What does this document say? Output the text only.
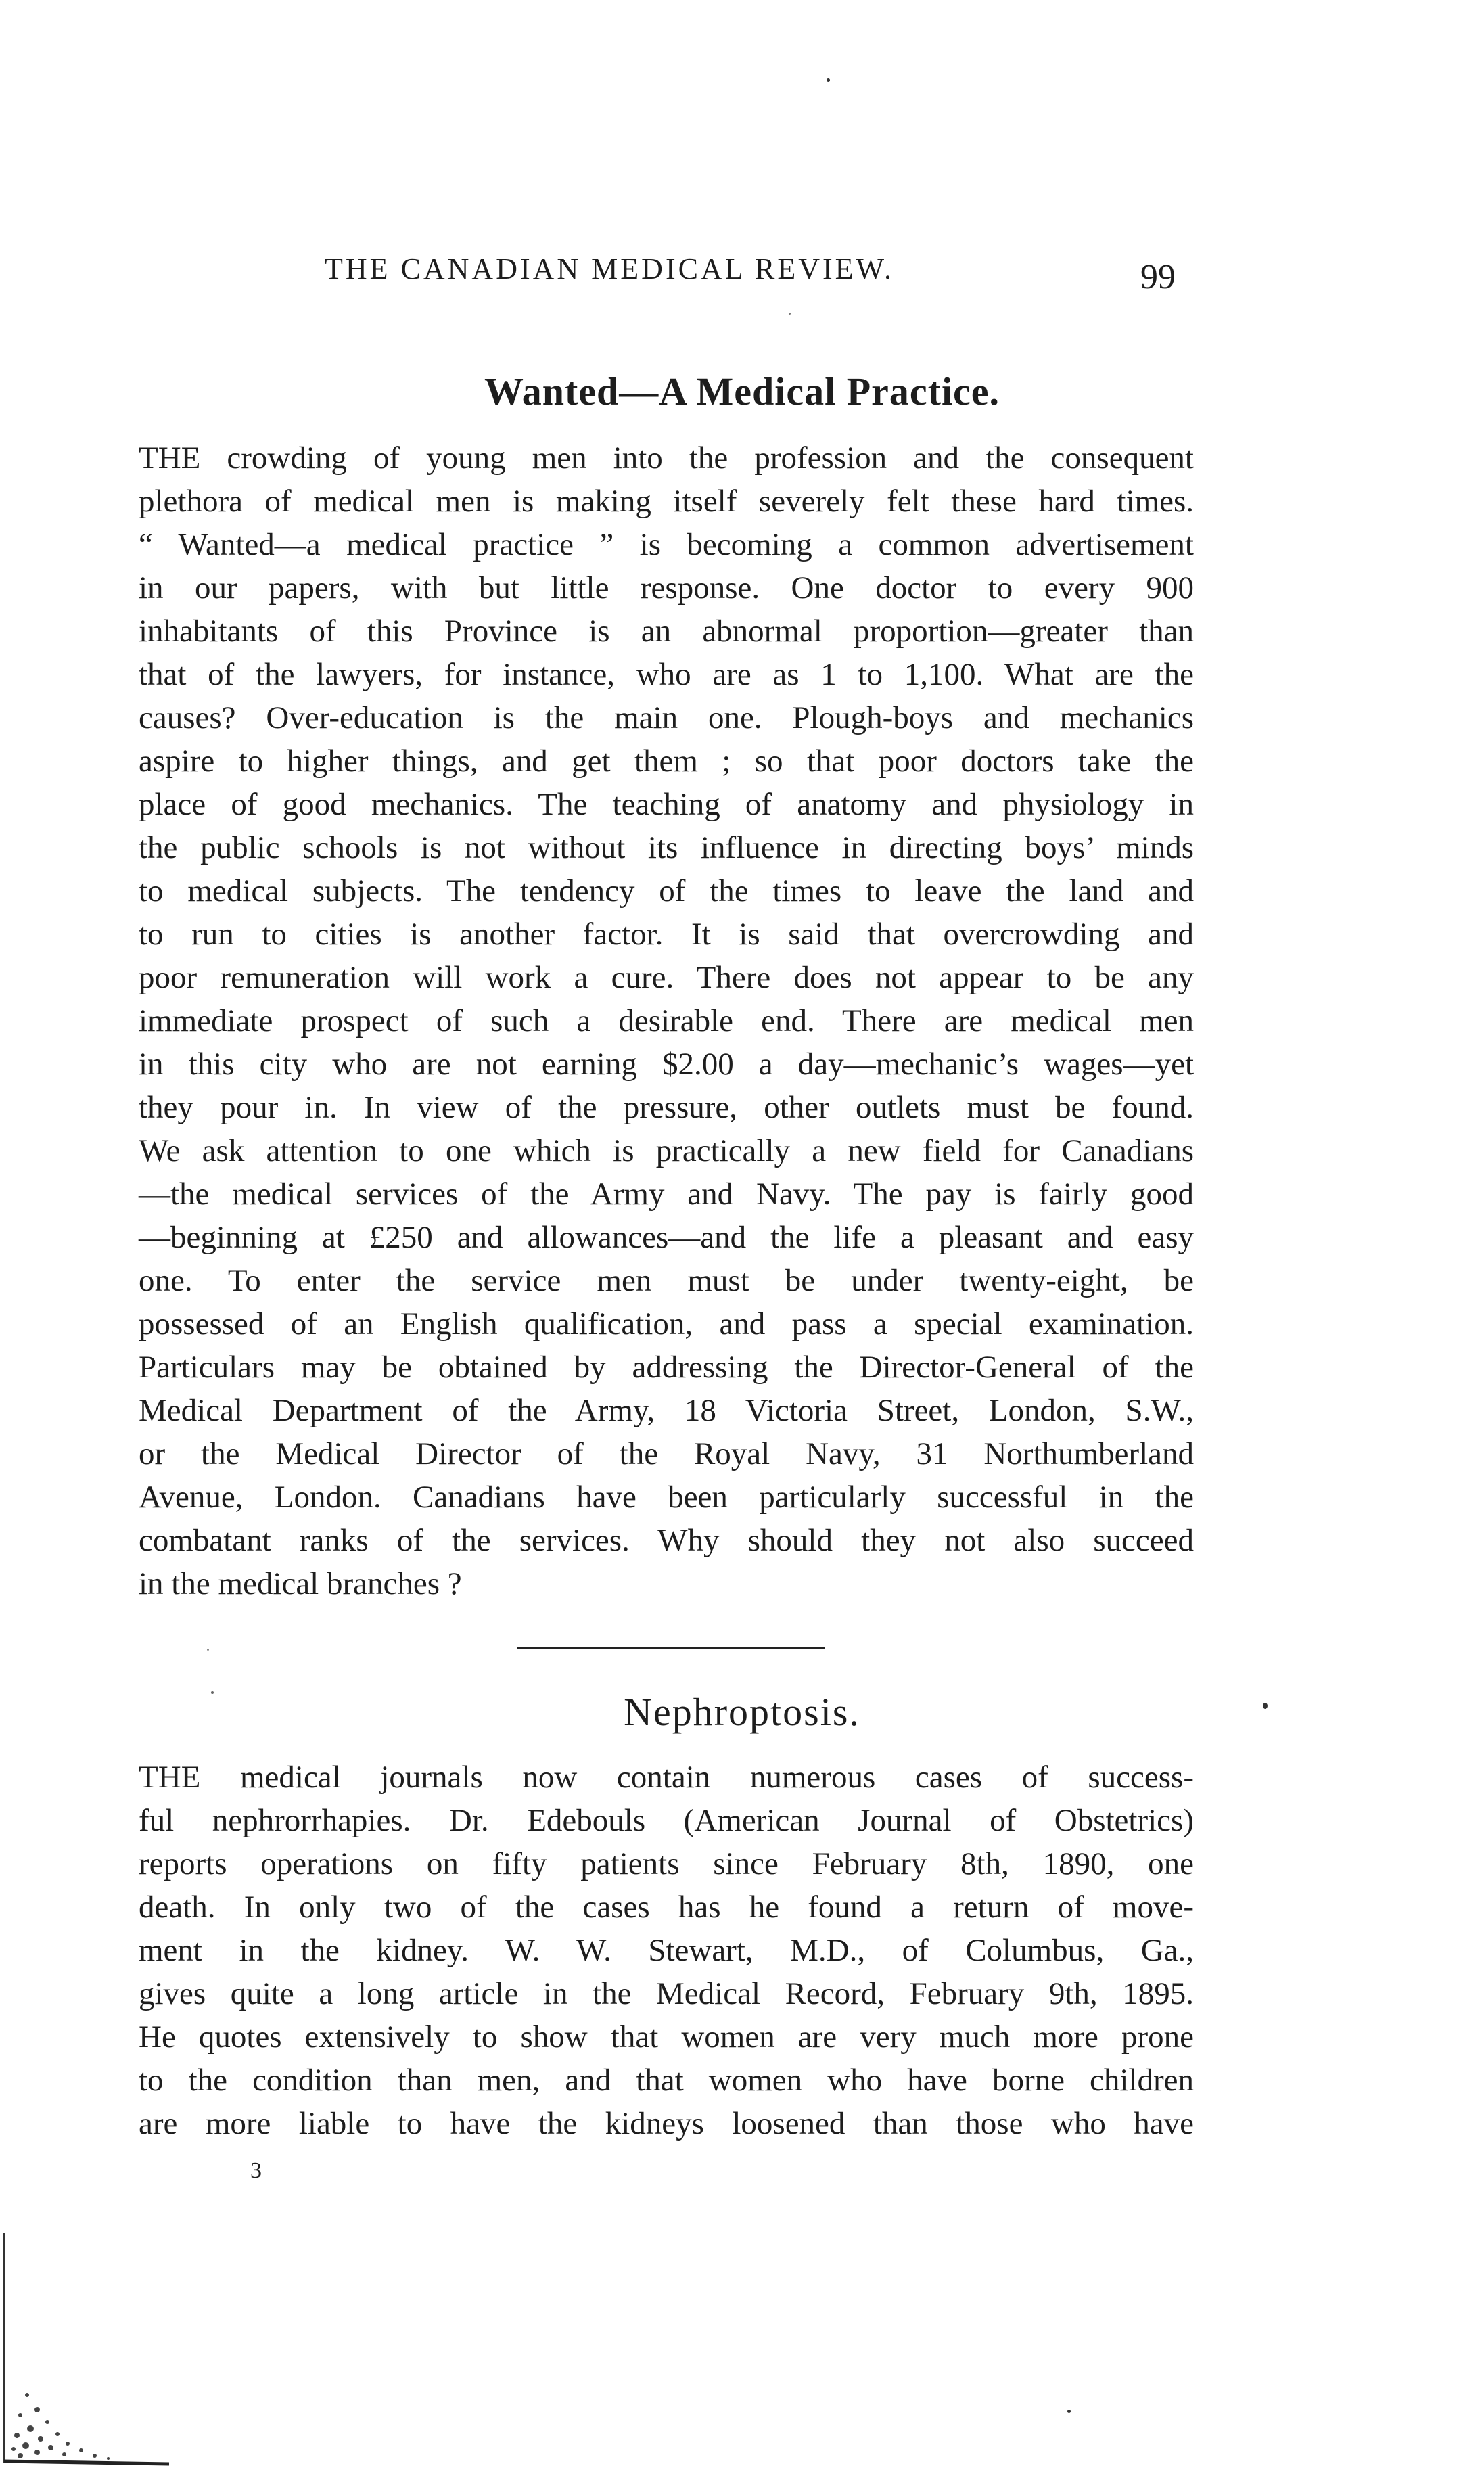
THE CANADIAN MEDICAL REVIEW.	99
Wanted—A Medical Practice.
THE crowding of young men into the profession and the consequent
plethora of medical men is making itself severely felt these hard times.
“ Wanted—a medical practice ” is becoming a common advertisement
in our papers, with but little response. One doctor to every 900
inhabitants of this Province is an abnormal proportion—greater than
that of the lawyers, for instance, who are as 1 to 1,100. What are the
causes? Over-education is the main one. Plough-boys and mechanics
aspire to higher things, and get them ; so that poor doctors take the
place of good mechanics. The teaching of anatomy and physiology in
the public schools is not without its influence in directing boys’ minds
to medical subjects. The tendency of the times to leave the land and
to run to cities is another factor. It is said that overcrowding and
poor remuneration will work a cure. There does not appear to be any
immediate prospect of such a desirable end. There are medical men
in this city who are not earning $2.00 a day—mechanic’s wages—yet
they pour in. In view of the pressure, other outlets must be found.
We ask attention to one which is practically a new field for Canadians
—the medical services of the Army and Navy. The pay is fairly good
—beginning at £250 and allowances—and the life a pleasant and easy
one. To enter the service men must be under twenty-eight, be
possessed of an English qualification, and pass a special examination.
Particulars may be obtained by addressing the Director-General of the
Medical Department of the Army, 18 Victoria Street, London, S.W.,
or the Medical Director of the Royal Navy, 31 Northumberland
Avenue, London. Canadians have been particularly successful in the
combatant ranks of the services. Why should they not also succeed
in the medical branches ?
Nephroptosis.
THE medical journals now contain numerous cases of success-
ful nephrorrhapies. Dr. Edebouls (American Journal of Obstetrics)
reports operations on fifty patients since February 8th, 1890, one
death. In only two of the cases has he found a return of move-
ment in the kidney. W. W. Stewart, M.D., of Columbus, Ga.,
gives quite a long article in the Medical Record, February 9th, 1895.
He quotes extensively to show that women are very much more prone
to the condition than men, and that women who have borne children
are more liable to have the kidneys loosened than those who have
3
